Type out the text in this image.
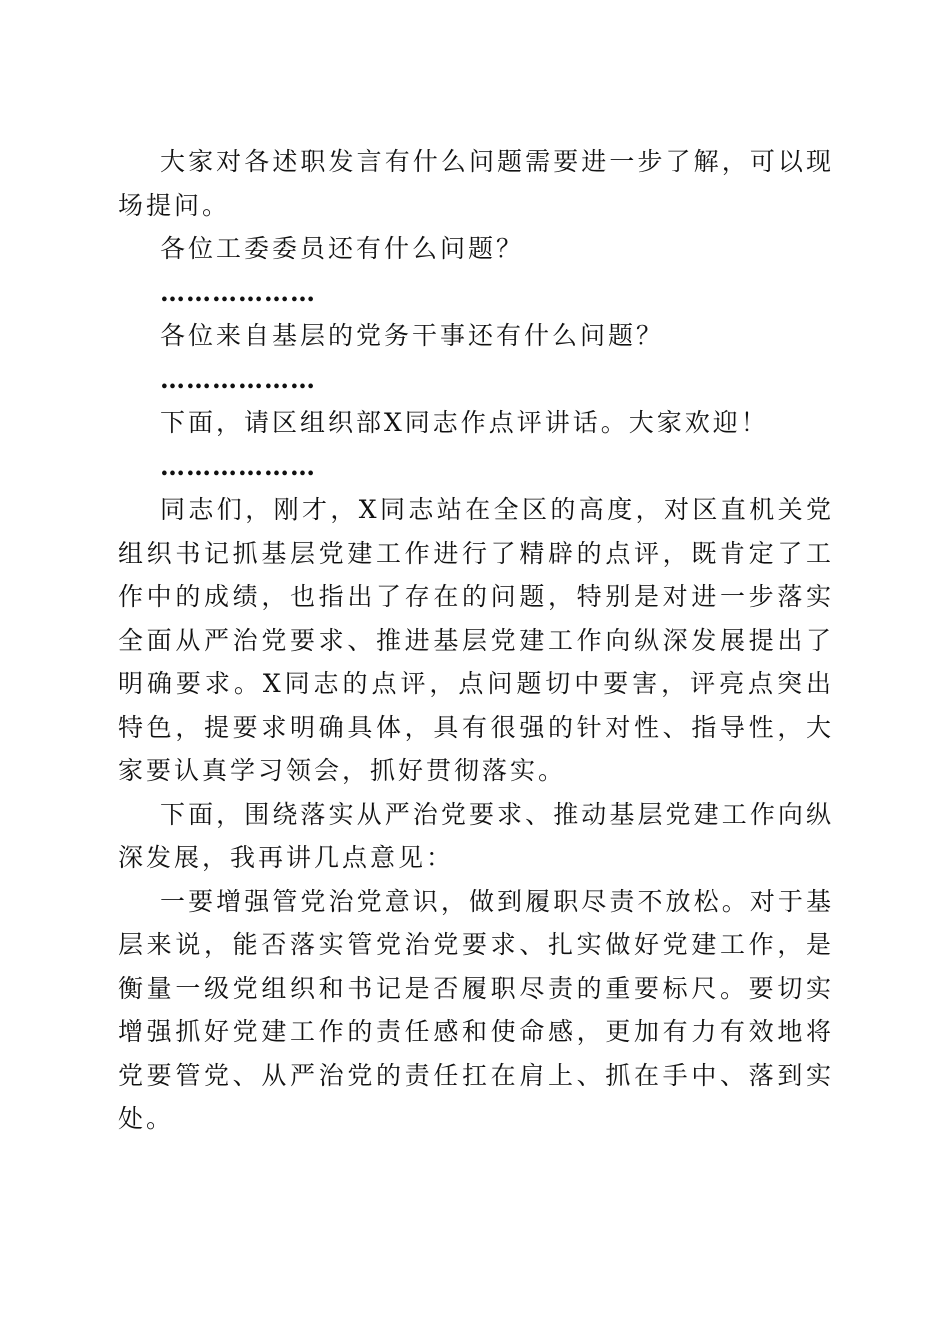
大家对各述职发言有什么问题需要进一步了解，可以现场提问。

各位工委委员还有什么问题？

………………

各位来自基层的党务干事还有什么问题？

………………

下面，请区组织部X同志作点评讲话。大家欢迎！

………………

同志们，刚才，X同志站在全区的高度，对区直机关党组织书记抓基层党建工作进行了精辟的点评，既肯定了工作中的成绩，也指出了存在的问题，特别是对进一步落实全面从严治党要求、推进基层党建工作向纵深发展提出了明确要求。X同志的点评，点问题切中要害，评亮点突出特色，提要求明确具体，具有很强的针对性、指导性，大家要认真学习领会，抓好贯彻落实。

下面，围绕落实从严治党要求、推动基层党建工作向纵深发展，我再讲几点意见：

一要增强管党治党意识，做到履职尽责不放松。对于基层来说，能否落实管党治党要求、扎实做好党建工作，是衡量一级党组织和书记是否履职尽责的重要标尺。要切实增强抓好党建工作的责任感和使命感，更加有力有效地将党要管党、从严治党的责任扛在肩上、抓在手中、落到实处。
